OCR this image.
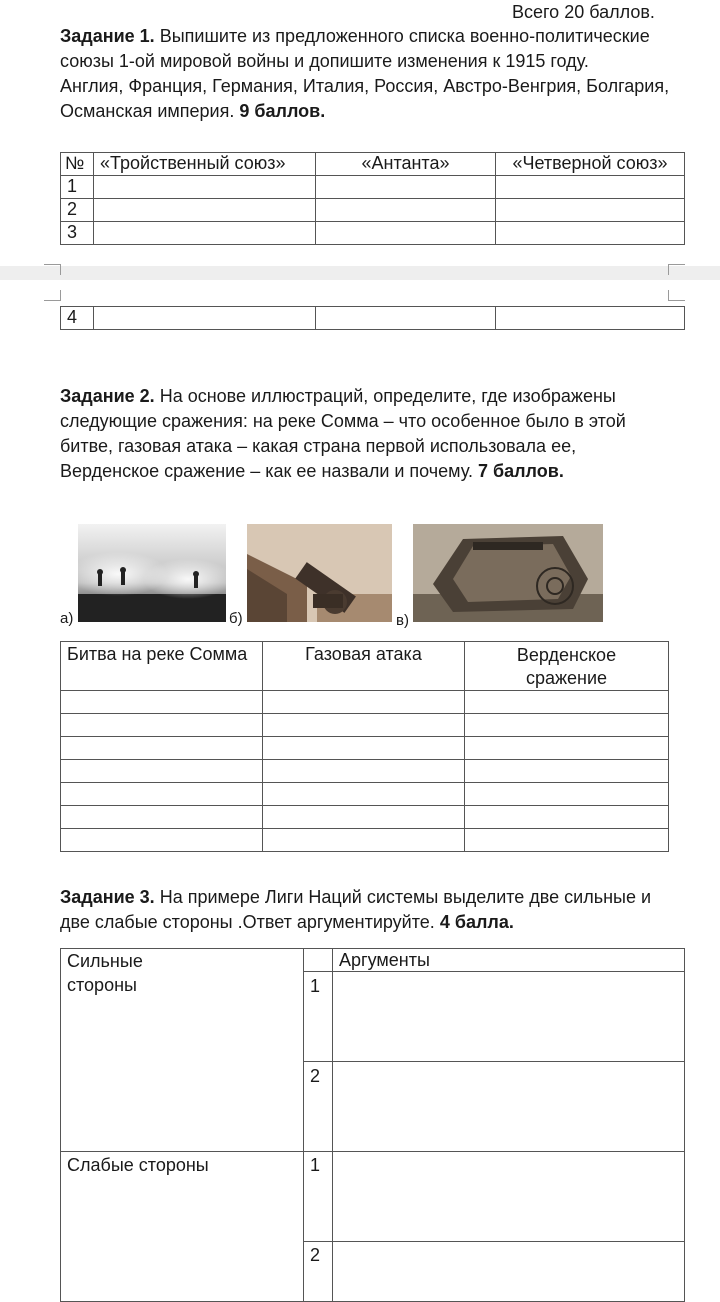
Всего 20 баллов.
Задание 1. Выпишите из предложенного списка военно-политические союзы 1-ой мировой войны и допишите изменения к 1915 году.
Англия, Франция, Германия, Италия, Россия, Австро-Венгрия, Болгария, Османская империя. 9 баллов.
№	«Тройственный союз»	«Антанта»	«Четверной союз»
1			
2			
3			
4			
Задание 2. На основе иллюстраций, определите, где изображены следующие сражения: на реке Сомма – что особенное было в этой битве, газовая атака – какая страна первой использовала ее, Верденское сражение – как ее назвали и почему. 7 баллов.
а)	б)	в)
Битва на реке Сомма	Газовая атака	Верденское сражение

Задание 3. На примере Лиги Наций системы выделите две сильные и две слабые стороны .Ответ аргументируйте. 4 балла.
Сильные стороны		Аргументы
	1	
	2	
Слабые стороны	1	
	2	
